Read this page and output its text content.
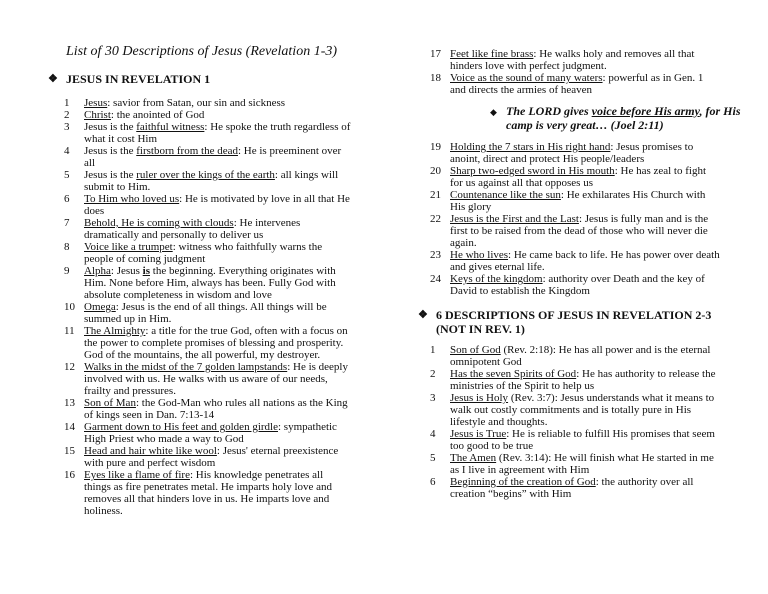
List of 30 Descriptions of Jesus (Revelation 1-3)
❖ JESUS IN REVELATION 1
1 Jesus: savior from Satan, our sin and sickness
2 Christ: the anointed of God
3 Jesus is the faithful witness: He spoke the truth regardless of what it cost Him
4 Jesus is the firstborn from the dead: He is preeminent over all
5 Jesus is the ruler over the kings of the earth: all kings will submit to Him.
6 To Him who loved us: He is motivated by love in all that He does
7 Behold, He is coming with clouds: He intervenes dramatically and personally to deliver us
8 Voice like a trumpet: witness who faithfully warns the people of coming judgment
9 Alpha: Jesus is the beginning. Everything originates with Him. None before Him, always has been. Fully God with absolute completeness in wisdom and love
10 Omega: Jesus is the end of all things. All things will be summed up in Him.
11 The Almighty: a title for the true God, often with a focus on the power to complete promises of blessing and prosperity. God of the mountains, the all powerful, my destroyer.
12 Walks in the midst of the 7 golden lampstands: He is deeply involved with us. He walks with us aware of our needs, frailty and pressures.
13 Son of Man: the God-Man who rules all nations as the King of kings seen in Dan. 7:13-14
14 Garment down to His feet and golden girdle: sympathetic High Priest who made a way to God
15 Head and hair white like wool: Jesus' eternal preexistence with pure and perfect wisdom
16 Eyes like a flame of fire: His knowledge penetrates all things as fire penetrates metal. He imparts holy love and removes all that hinders love in us. He imparts love and holiness.
17 Feet like fine brass: He walks holy and removes all that hinders love with perfect judgment.
18 Voice as the sound of many waters: powerful as in Gen. 1 and directs the armies of heaven
◆ The LORD gives voice before His army, for His camp is very great… (Joel 2:11)
19 Holding the 7 stars in His right hand: Jesus promises to anoint, direct and protect His people/leaders
20 Sharp two-edged sword in His mouth: He has zeal to fight for us against all that opposes us
21 Countenance like the sun: He exhilarates His Church with His glory
22 Jesus is the First and the Last: Jesus is fully man and is the first to be raised from the dead of those who will never die again.
23 He who lives: He came back to life. He has power over death and gives eternal life.
24 Keys of the kingdom: authority over Death and the key of David to establish the Kingdom
❖ 6 DESCRIPTIONS OF JESUS IN REVELATION 2-3 (NOT IN REV. 1)
1 Son of God (Rev. 2:18): He has all power and is the eternal omnipotent God
2 Has the seven Spirits of God: He has authority to release the ministries of the Spirit to help us
3 Jesus is Holy (Rev. 3:7): Jesus understands what it means to walk out costly commitments and is totally pure in His lifestyle and thoughts.
4 Jesus is True: He is reliable to fulfill His promises that seem too good to be true
5 The Amen (Rev. 3:14): He will finish what He started in me as I live in agreement with Him
6 Beginning of the creation of God: the authority over all creation “begins” with Him
